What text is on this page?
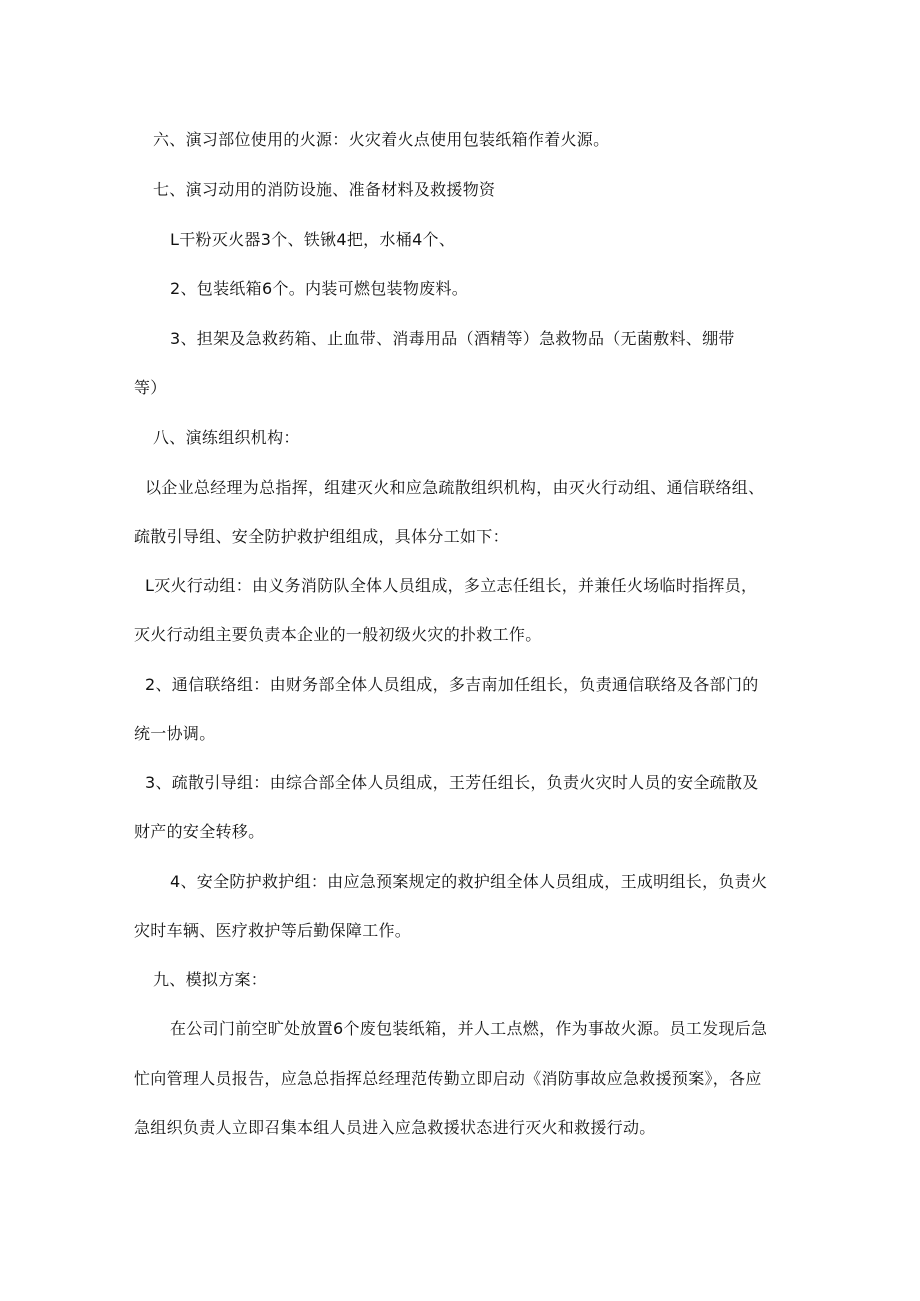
六、演习部位使用的火源：火灾着火点使用包装纸箱作着火源。
七、演习动用的消防设施、准备材料及救援物资
L干粉灭火器3个、铁锹4把，水桶4个、
2、包装纸箱6个。内装可燃包装物废料。
3、担架及急救药箱、止血带、消毒用品（酒精等）急救物品（无菌敷料、绷带
等）
八、演练组织机构：
以企业总经理为总指挥，组建灭火和应急疏散组织机构，由灭火行动组、通信联络组、
疏散引导组、安全防护救护组组成，具体分工如下：
L灭火行动组：由义务消防队全体人员组成，多立志任组长，并兼任火场临时指挥员，
灭火行动组主要负责本企业的一般初级火灾的扑救工作。
2、通信联络组：由财务部全体人员组成，多吉南加任组长，负责通信联络及各部门的
统一协调。
3、疏散引导组：由综合部全体人员组成，王芳任组长，负责火灾时人员的安全疏散及
财产的安全转移。
4、安全防护救护组：由应急预案规定的救护组全体人员组成，王成明组长，负责火
灾时车辆、医疗救护等后勤保障工作。
九、模拟方案：
在公司门前空旷处放置6个废包装纸箱，并人工点燃，作为事故火源。员工发现后急
忙向管理人员报告，应急总指挥总经理范传勤立即启动《消防事故应急救援预案》，各应
急组织负责人立即召集本组人员进入应急救援状态进行灭火和救援行动。
